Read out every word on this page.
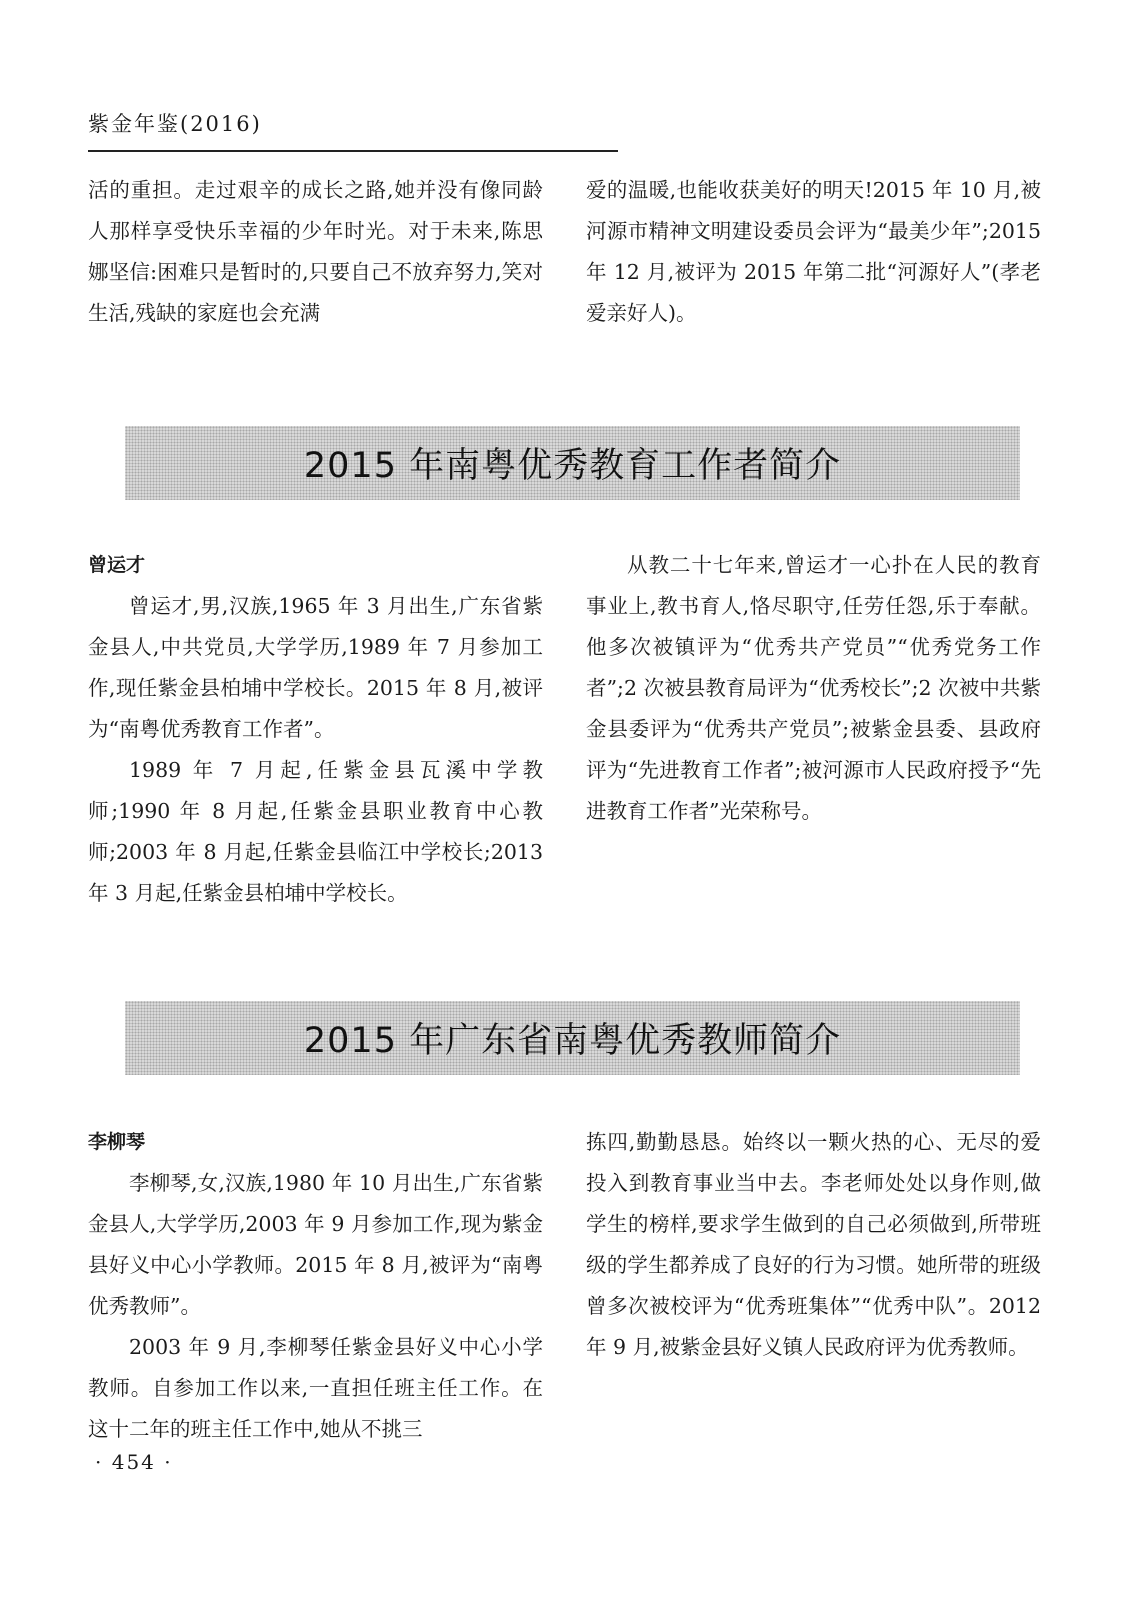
紫金年鉴(2016)

活的重担。走过艰辛的成长之路,她并没有像同龄人那样享受快乐幸福的少年时光。对于未来,陈思娜坚信:困难只是暂时的,只要自己不放弃努力,笑对生活,残缺的家庭也会充满

爱的温暖,也能收获美好的明天!2015 年 10 月,被河源市精神文明建设委员会评为“最美少年”;2015 年 12 月,被评为 2015 年第二批“河源好人”(孝老爱亲好人)。

2015 年南粤优秀教育工作者简介

曾运才

曾运才,男,汉族,1965 年 3 月出生,广东省紫金县人,中共党员,大学学历,1989 年 7 月参加工作,现任紫金县柏埔中学校长。2015 年 8 月,被评为“南粤优秀教育工作者”。

1989 年 7 月起,任紫金县瓦溪中学教师;1990 年 8 月起,任紫金县职业教育中心教师;2003 年 8 月起,任紫金县临江中学校长;2013 年 3 月起,任紫金县柏埔中学校长。

从教二十七年来,曾运才一心扑在人民的教育事业上,教书育人,恪尽职守,任劳任怨,乐于奉献。他多次被镇评为“优秀共产党员”“优秀党务工作者”;2 次被县教育局评为“优秀校长”;2 次被中共紫金县委评为“优秀共产党员”;被紫金县委、县政府评为“先进教育工作者”;被河源市人民政府授予“先进教育工作者”光荣称号。

2015 年广东省南粤优秀教师简介

李柳琴

李柳琴,女,汉族,1980 年 10 月出生,广东省紫金县人,大学学历,2003 年 9 月参加工作,现为紫金县好义中心小学教师。2015 年 8 月,被评为“南粤优秀教师”。

2003 年 9 月,李柳琴任紫金县好义中心小学教师。自参加工作以来,一直担任班主任工作。在这十二年的班主任工作中,她从不挑三

拣四,勤勤恳恳。始终以一颗火热的心、无尽的爱投入到教育事业当中去。李老师处处以身作则,做学生的榜样,要求学生做到的自己必须做到,所带班级的学生都养成了良好的行为习惯。她所带的班级曾多次被校评为“优秀班集体”“优秀中队”。2012 年 9 月,被紫金县好义镇人民政府评为优秀教师。

· 454 ·
